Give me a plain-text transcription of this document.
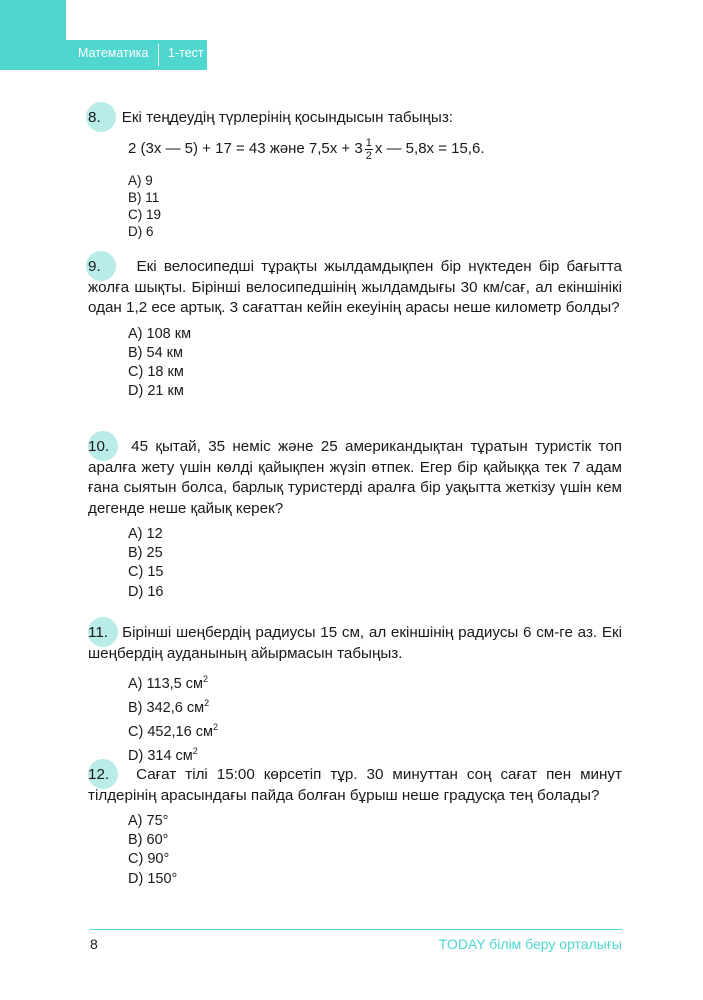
Математика 1-тест
8. Екі теңдеудің түрлерінің қосындысын табыңыз:
2 (3x — 5) + 17 = 43 және $7,5x + 3 \frac{1}{2}$ x — 5,8x = 15,6.
A) 9
B) 11
C) 19
D) 6
9. Екі велосипедші тұрақты жылдамдықпен бір нүктеден бір бағытта жолға шықты. Бірінші велосипедшінің жылдамдығы 30 км/сағ, ал екіншінікі одан 1,2 есе артық. 3 сағаттан кейін екеуінің арасы неше километр болды?
A) 108 км
B) 54 км
C) 18 км
D) 21 км
10. 45 қытай, 35 неміс және 25 американдықтан тұратын туристік топ аралға жету үшін көлді қайықпен жүзіп өтпек. Егер бір қайыққа тек 7 адам ғана сыятын болса, барлық туристерді аралға бір уақытта жеткізу үшін кем дегенде неше қайық керек?
A) 12
B) 25
C) 15
D) 16
11. Бірінші шеңбердің радиусы 15 см, ал екіншінің радиусы 6 см-ге аз. Екі шеңбердің ауданының айырмасын табыңыз.
A) 113,5 $см^2$
B) 342,6 $см^2$
C) 452,16 $см^2$
D) 314 $см^2$
12. Сағат тілі 15:00 көрсетіп тұр. 30 минуттан соң сағат пен минут тілдерінің арасындағы пайда болған бұрыш неше градусқа тең болады?
A) 75°
B) 60°
C) 90°
D) 150°
8	TODAY білім беру орталығы
